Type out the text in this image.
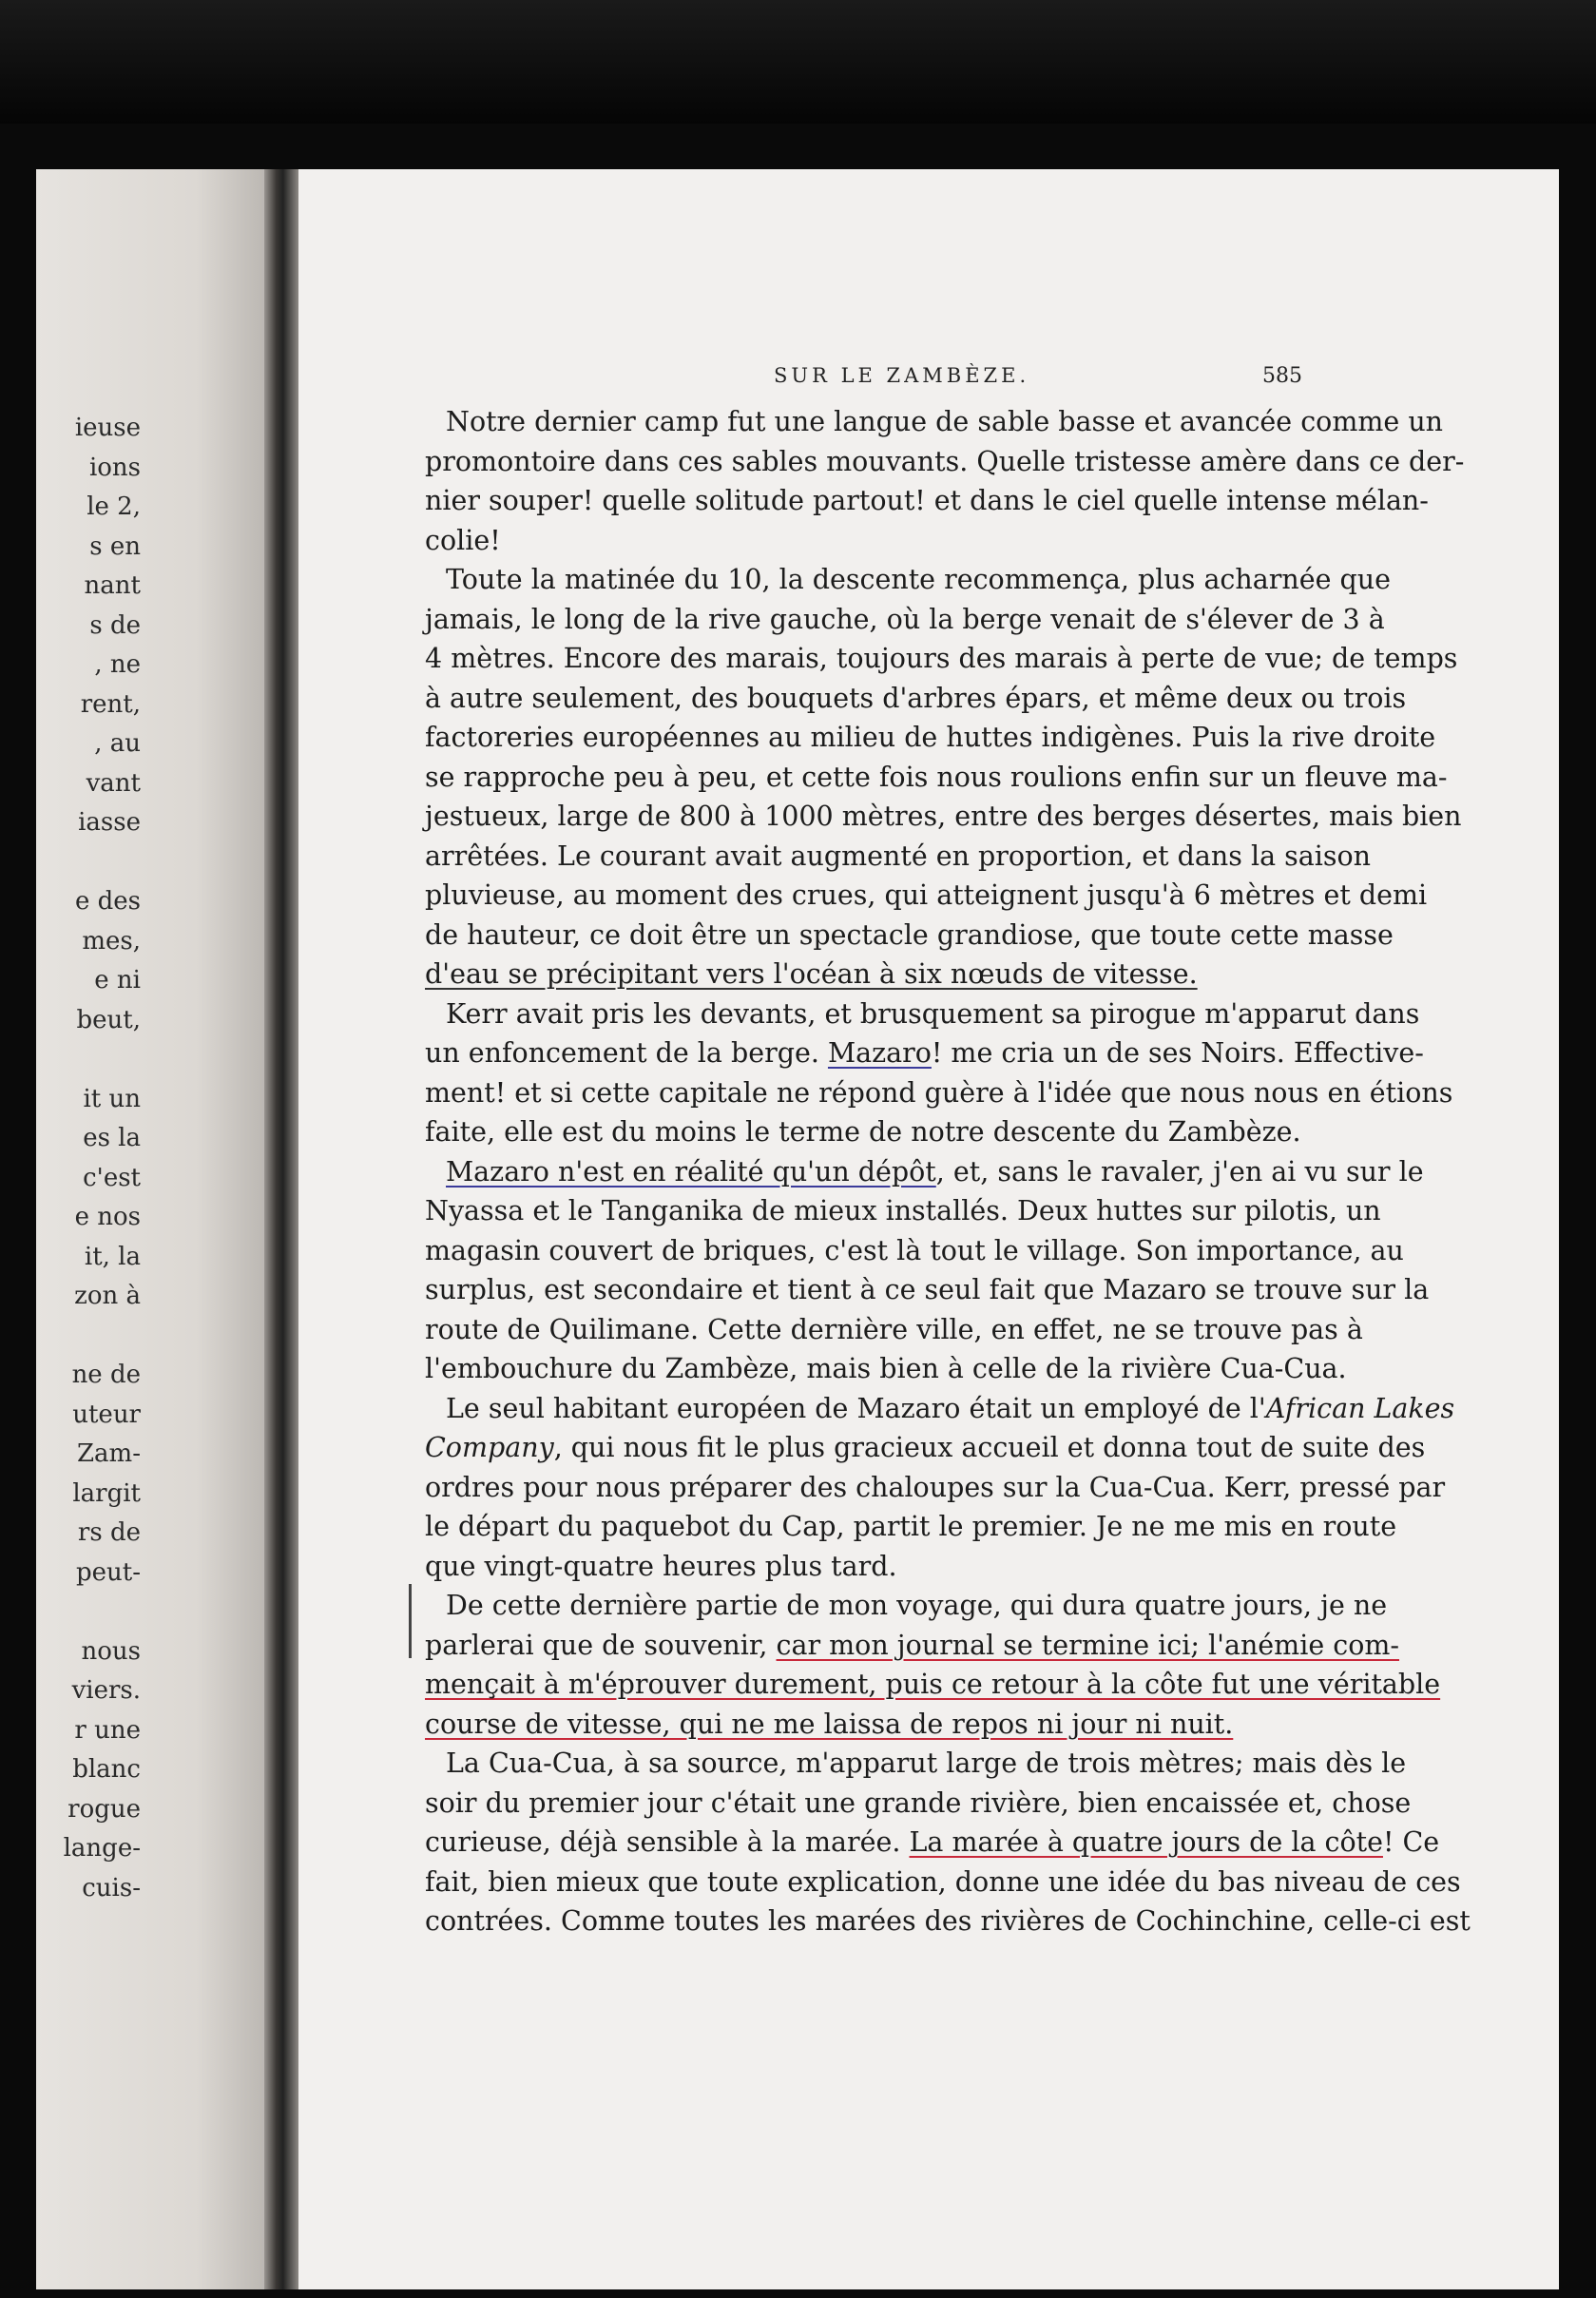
ieuse
ions
le 2,
s en
nant
s de
, ne
rent,
, au
vant
iasse
e des
mes,
e ni
beut,
it un
es la
c'est
e nos
it, la
zon à
ne de
uteur
Zam-
largit
rs de
peut-
nous
viers.
r une
blanc
rogue
lange-
cuis-
SUR LE ZAMBÈZE.	585
Notre dernier camp fut une langue de sable basse et avancée comme un
promontoire dans ces sables mouvants. Quelle tristesse amère dans ce der-
nier souper! quelle solitude partout! et dans le ciel quelle intense mélan-
colie!
Toute la matinée du 10, la descente recommença, plus acharnée que
jamais, le long de la rive gauche, où la berge venait de s'élever de 3 à
4 mètres. Encore des marais, toujours des marais à perte de vue; de temps
à autre seulement, des bouquets d'arbres épars, et même deux ou trois
factoreries européennes au milieu de huttes indigènes. Puis la rive droite
se rapproche peu à peu, et cette fois nous roulions enfin sur un fleuve ma-
jestueux, large de 800 à 1000 mètres, entre des berges désertes, mais bien
arrêtées. Le courant avait augmenté en proportion, et dans la saison
pluvieuse, au moment des crues, qui atteignent jusqu'à 6 mètres et demi
de hauteur, ce doit être un spectacle grandiose, que toute cette masse
d'eau se précipitant vers l'océan à six nœuds de vitesse.
Kerr avait pris les devants, et brusquement sa pirogue m'apparut dans
un enfoncement de la berge. Mazaro! me cria un de ses Noirs. Effective-
ment! et si cette capitale ne répond guère à l'idée que nous nous en étions
faite, elle est du moins le terme de notre descente du Zambèze.
Mazaro n'est en réalité qu'un dépôt, et, sans le ravaler, j'en ai vu sur le
Nyassa et le Tanganika de mieux installés. Deux huttes sur pilotis, un
magasin couvert de briques, c'est là tout le village. Son importance, au
surplus, est secondaire et tient à ce seul fait que Mazaro se trouve sur la
route de Quilimane. Cette dernière ville, en effet, ne se trouve pas à
l'embouchure du Zambèze, mais bien à celle de la rivière Cua-Cua.
Le seul habitant européen de Mazaro était un employé de l'African Lakes
Company, qui nous fit le plus gracieux accueil et donna tout de suite des
ordres pour nous préparer des chaloupes sur la Cua-Cua. Kerr, pressé par
le départ du paquebot du Cap, partit le premier. Je ne me mis en route
que vingt-quatre heures plus tard.
De cette dernière partie de mon voyage, qui dura quatre jours, je ne
parlerai que de souvenir, car mon journal se termine ici; l'anémie com-
mençait à m'éprouver durement, puis ce retour à la côte fut une véritable
course de vitesse, qui ne me laissa de repos ni jour ni nuit.
La Cua-Cua, à sa source, m'apparut large de trois mètres; mais dès le
soir du premier jour c'était une grande rivière, bien encaissée et, chose
curieuse, déjà sensible à la marée. La marée à quatre jours de la côte! Ce
fait, bien mieux que toute explication, donne une idée du bas niveau de ces
contrées. Comme toutes les marées des rivières de Cochinchine, celle-ci est
